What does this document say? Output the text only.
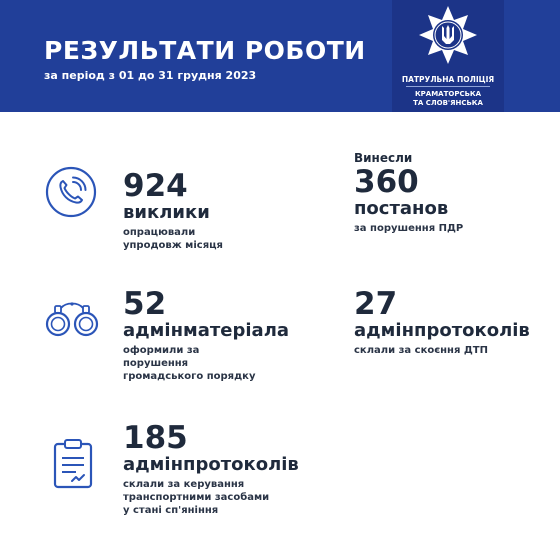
РЕЗУЛЬТАТИ РОБОТИ
за період з 01 до 31 грудня 2023	ПАТРУЛЬНА ПОЛІЦІЯ
КРАМАТОРСЬКА
ТА СЛОВ'ЯНСЬКА
924
виклики
опрацювали
упродовж місяця
Винесли
360
постанов
за порушення ПДР
52
адмінматеріала
оформили за
порушення
громадського порядку
27
адмінпротоколів
склали за скоєння ДТП
185
адмінпротоколів
склали за керування
транспортними засобами
у стані сп'яніння
